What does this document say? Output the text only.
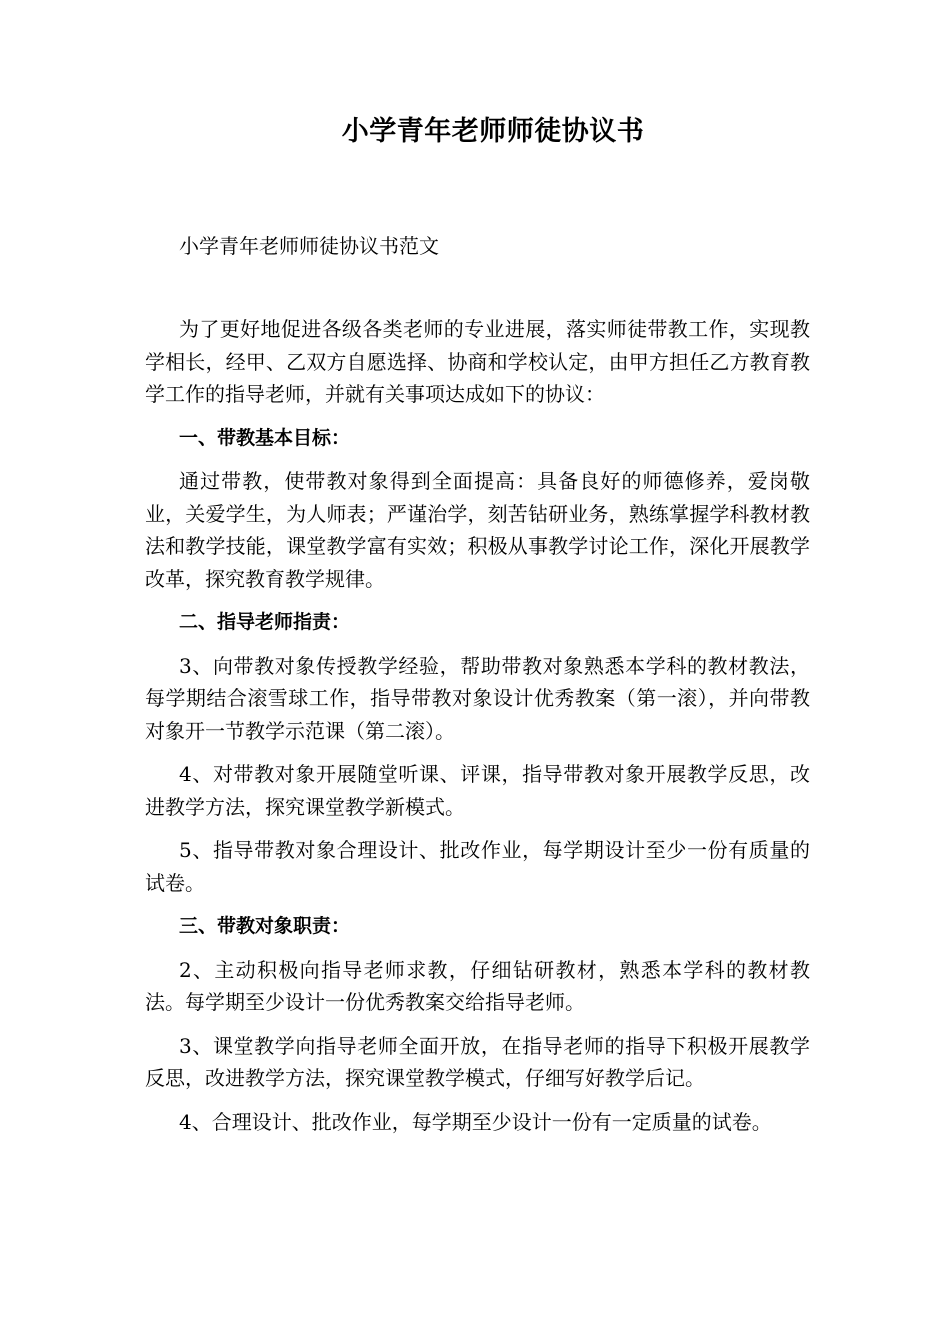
小学青年老师师徒协议书
小学青年老师师徒协议书范文

为了更好地促进各级各类老师的专业进展，落实师徒带教工作，实现教学相长，经甲、乙双方自愿选择、协商和学校认定，由甲方担任乙方教育教学工作的指导老师，并就有关事项达成如下的协议：

一、带教基本目标：

通过带教，使带教对象得到全面提高：具备良好的师德修养，爱岗敬业，关爱学生，为人师表；严谨治学，刻苦钻研业务，熟练掌握学科教材教法和教学技能，课堂教学富有实效；积极从事教学讨论工作，深化开展教学改革，探究教育教学规律。

二、指导老师指责：

3、向带教对象传授教学经验，帮助带教对象熟悉本学科的教材教法，每学期结合滚雪球工作，指导带教对象设计优秀教案（第一滚），并向带教对象开一节教学示范课（第二滚）。

4、对带教对象开展随堂听课、评课，指导带教对象开展教学反思，改进教学方法，探究课堂教学新模式。

5、指导带教对象合理设计、批改作业，每学期设计至少一份有质量的试卷。

三、带教对象职责：

2、主动积极向指导老师求教，仔细钻研教材，熟悉本学科的教材教法。每学期至少设计一份优秀教案交给指导老师。

3、课堂教学向指导老师全面开放，在指导老师的指导下积极开展教学反思，改进教学方法，探究课堂教学模式，仔细写好教学后记。

4、合理设计、批改作业，每学期至少设计一份有一定质量的试卷。
